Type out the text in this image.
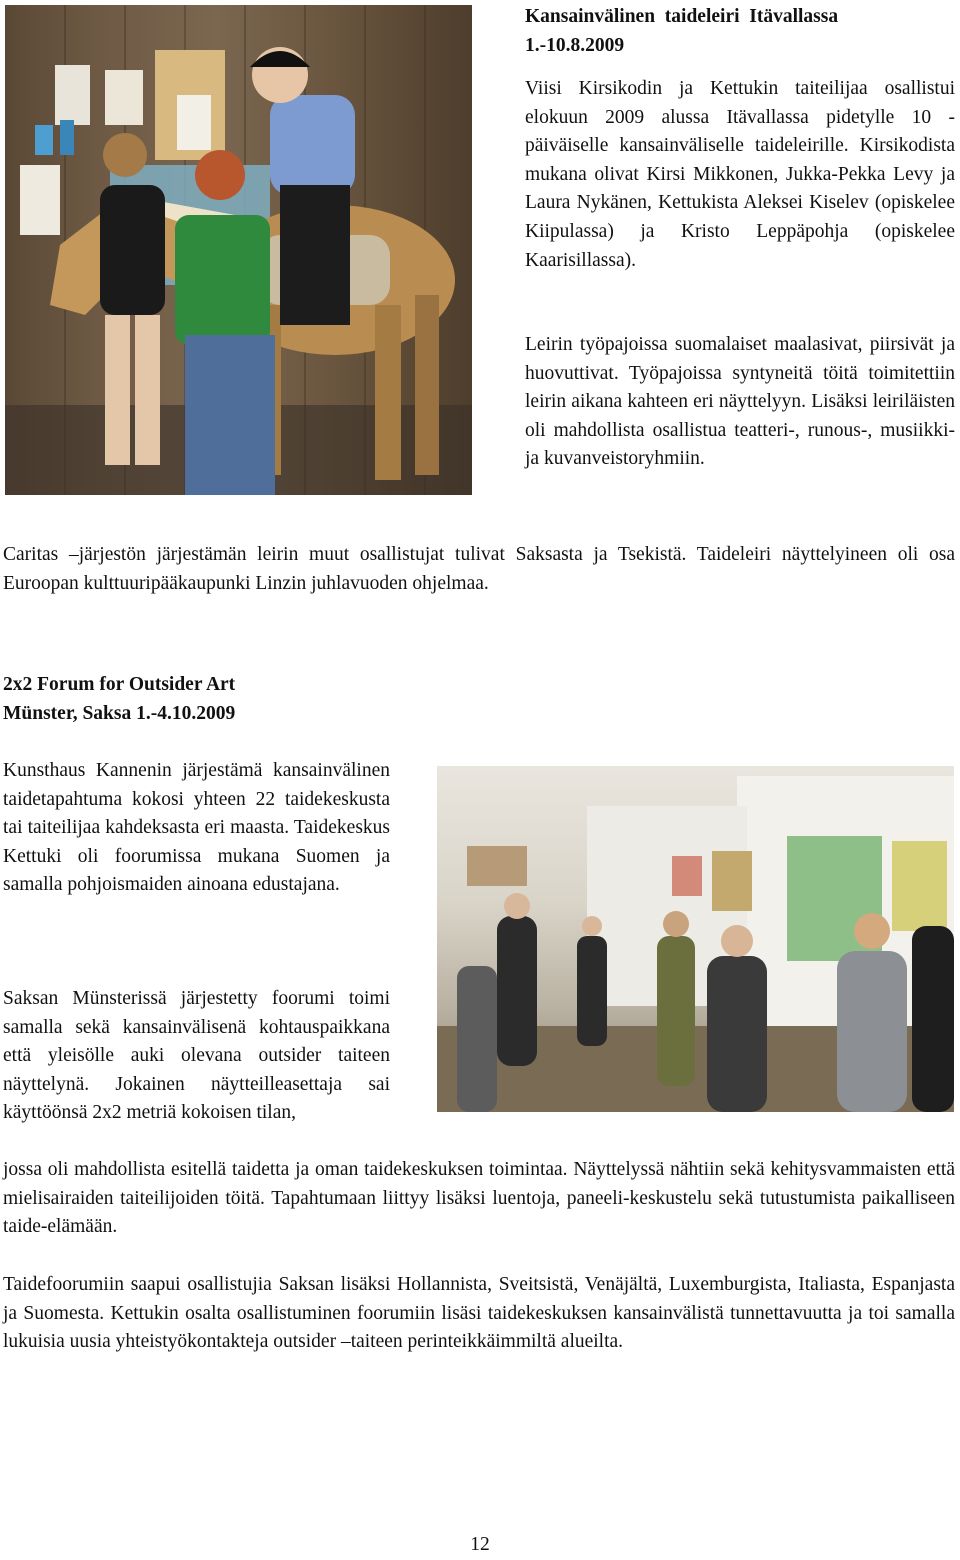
Kansainvälinen  taideleiri  Itävallassa
1.-10.8.2009

Viisi Kirsikodin ja Kettukin taiteilijaa osallistui elokuun 2009 alussa Itävallassa pidetylle 10 -päiväiselle kansainväliselle taideleirille. Kirsikodista mukana olivat Kirsi Mikkonen, Jukka-Pekka Levy ja Laura Nykänen, Kettukista Aleksei Kiselev (opiskelee Kiipulassa) ja Kristo Leppäpohja (opiskelee Kaarisillassa).

Leirin työpajoissa suomalaiset maalasivat, piirsivät ja huovuttivat. Työpajoissa syntyneitä töitä toimitettiin leirin aikana kahteen eri näyttelyyn. Lisäksi leiriläisten oli mahdollista osallistua teatteri-, runous-, musiikki- ja kuvanveistoryhmiin.

Caritas –järjestön järjestämän leirin muut osallistujat tulivat Saksasta ja Tsekistä. Taideleiri näyttelyineen oli osa Euroopan kulttuuripääkaupunki Linzin juhlavuoden ohjelmaa.

2x2 Forum for Outsider Art
Münster, Saksa 1.-4.10.2009

Kunsthaus Kannenin järjestämä kansainvälinen taidetapahtuma kokosi yhteen 22 taidekeskusta tai taiteilijaa kahdeksasta eri maasta. Taidekeskus Kettuki oli foorumissa mukana Suomen ja samalla pohjoismaiden ainoana edustajana.

Saksan Münsterissä järjestetty foorumi toimi samalla sekä kansainvälisenä kohtauspaikkana että yleisölle auki olevana outsider taiteen näyttelynä. Jokainen näytteilleasettaja sai käyttöönsä 2x2 metriä kokoisen tilan,

jossa oli mahdollista esitellä taidetta ja oman taidekeskuksen toimintaa. Näyttelyssä nähtiin sekä kehitysvammaisten että mielisairaiden taiteilijoiden töitä. Tapahtumaan liittyy lisäksi luentoja, paneeli-keskustelu sekä tutustumista paikalliseen taide-elämään.

Taidefoorumiin saapui osallistujia Saksan lisäksi Hollannista, Sveitsistä, Venäjältä, Luxemburgista, Italiasta, Espanjasta ja Suomesta. Kettukin osalta osallistuminen foorumiin lisäsi taidekeskuksen kansainvälistä tunnettavuutta ja toi samalla lukuisia uusia yhteistyökontakteja outsider –taiteen perinteikkäimmiltä alueilta.

12
